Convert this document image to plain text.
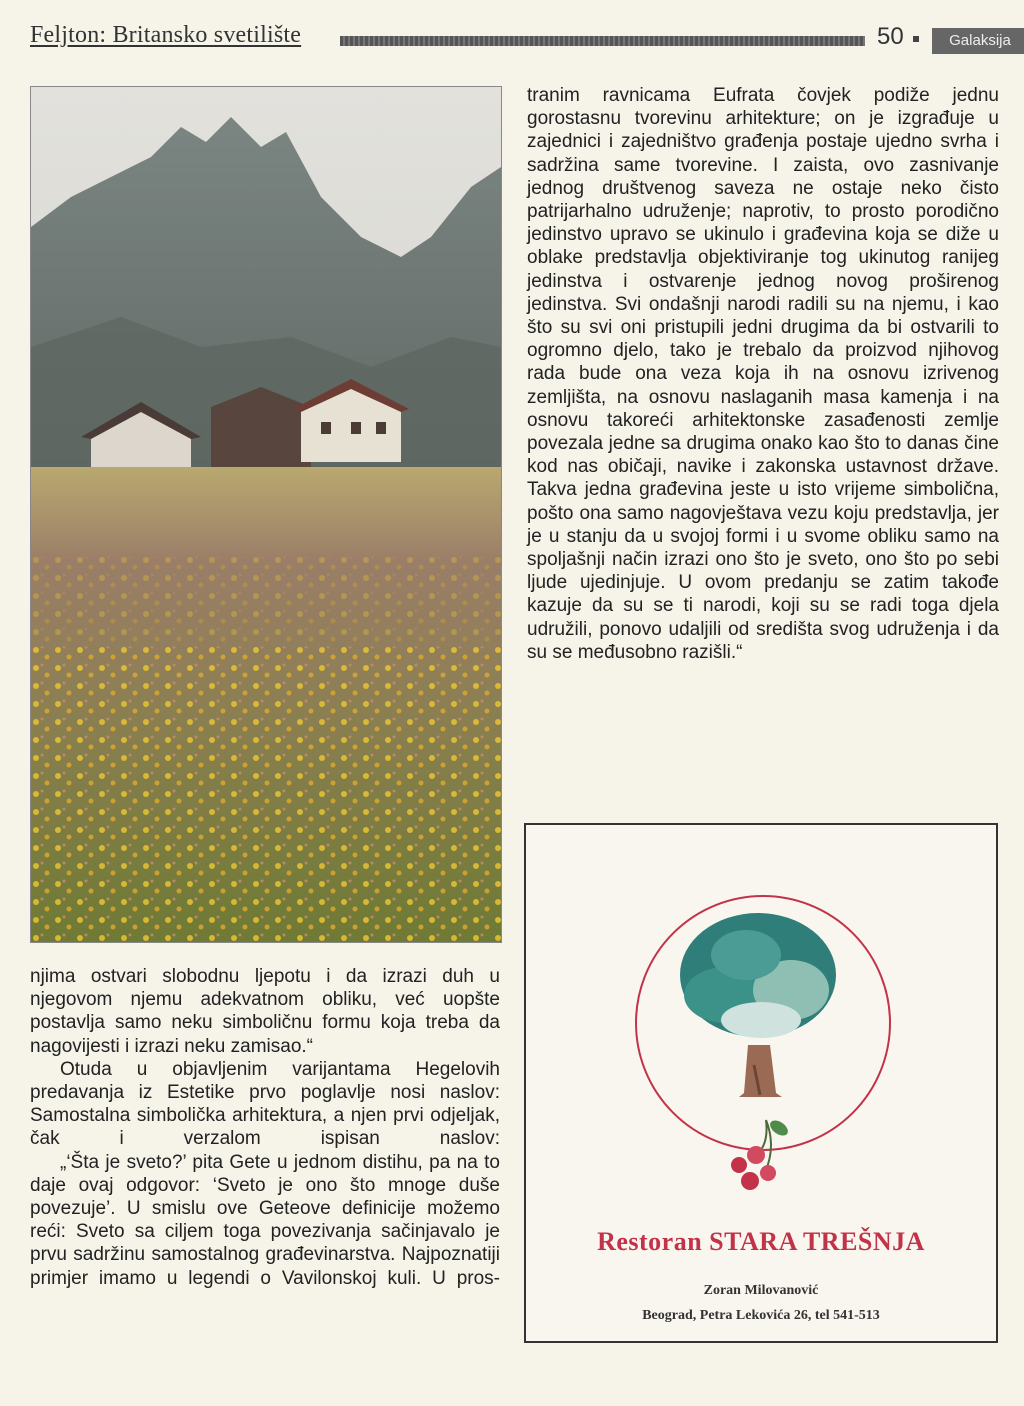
Feljton: Britansko svetilište	50	Galaksija

tranim ravnicama Eufrata čovjek podiže jednu gorostasnu tvorevinu arhitekture; on je izgrađuje u zajednici i zajedništvo građenja postaje ujedno svrha i sadržina same tvorevine. I zaista, ovo zasnivanje jednog društvenog saveza ne ostaje neko čisto patrijarhalno udruženje; naprotiv, to prosto porodično jedinstvo upravo se ukinulo i građevina koja se diže u oblake predstavlja objektiviranje tog ukinutog ranijeg jedinstva i ostvarenje jednog novog proširenog jedinstva. Svi ondašnji narodi radili su na njemu, i kao što su svi oni pristupili jedni drugima da bi ostvarili to ogromno djelo, tako je trebalo da proizvod njihovog rada bude ona veza koja ih na osnovu izrivenog zemljišta, na osnovu naslaganih masa kamenja i na osnovu takoreći arhitektonske zasađenosti zemlje povezala jedne sa drugima onako kao što to danas čine kod nas običaji, navike i zakonska ustavnost države. Takva jedna građevina jeste u isto vrijeme simbolična, pošto ona samo nagovještava vezu koju predstavlja, jer je u stanju da u svojoj formi i u svome obliku samo na spoljašnji način izrazi ono što je sveto, ono što po sebi ljude ujedinjuje. U ovom predanju se zatim takođe kazuje da su se ti narodi, koji su se radi toga djela udružili, ponovo udaljili od središta svog udruženja i da su se međusobno razišli.“

njima ostvari slobodnu ljepotu i da izrazi duh u njegovom njemu adekvatnom obliku, već uopšte postavlja samo neku simboličnu formu koja treba da nagovijesti i izrazi neku zamisao.“

Otuda u objavljenim varijantama Hegelovih predavanja iz Estetike prvo poglavlje nosi naslov: Samostalna simbolička arhitektura, a njen prvi odjeljak, čak i verzalom ispisan naslov:

„‘Šta je sveto?’ pita Gete u jednom distihu, pa na to daje ovaj odgovor: ‘Sveto je ono što mnoge duše povezuje’. U smislu ove Geteove definicije možemo reći: Sveto sa ciljem toga povezivanja sačinjavalo je prvu sadržinu samostalnog građevinarstva. Najpoznatiji primjer imamo u legendi o Vavilonskoj kuli. U pros-

Restoran STARA TREŠNJA
Zoran Milovanović
Beograd, Petra Lekovića 26, tel 541-513
